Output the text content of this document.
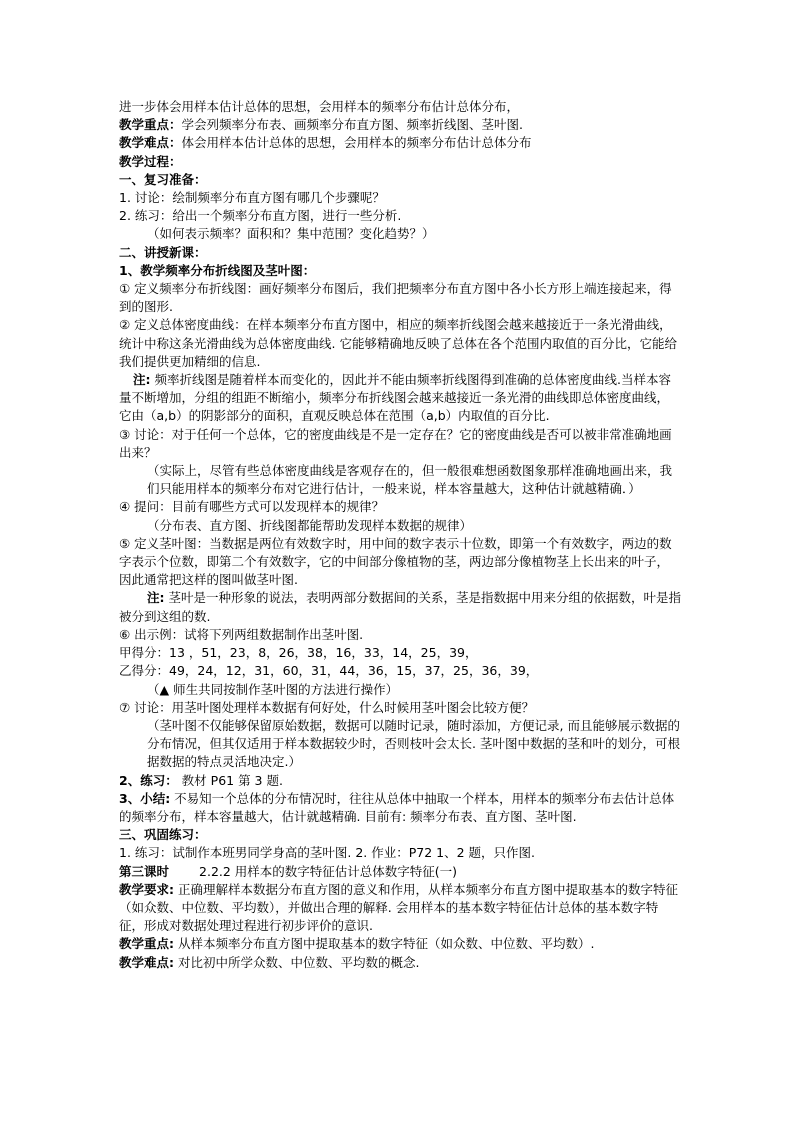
进一步体会用样本估计总体的思想，会用样本的频率分布估计总体分布，

教学重点：学会列频率分布表、画频率分布直方图、频率折线图、茎叶图.

教学难点：体会用样本估计总体的思想，会用样本的频率分布估计总体分布

教学过程：

一、复习准备：

1. 讨论：绘制频率分布直方图有哪几个步骤呢？

2. 练习：给出一个频率分布直方图，进行一些分析.

（如何表示频率？面积和？集中范围？变化趋势？）

二、讲授新课：

1、教学频率分布折线图及茎叶图：

① 定义频率分布折线图：画好频率分布图后，我们把频率分布直方图中各小长方形上端连接起来，得到的图形.

② 定义总体密度曲线：在样本频率分布直方图中，相应的频率折线图会越来越接近于一条光滑曲线，统计中称这条光滑曲线为总体密度曲线. 它能够精确地反映了总体在各个范围内取值的百分比，它能给我们提供更加精细的信息.

注: 频率折线图是随着样本而变化的，因此并不能由频率折线图得到准确的总体密度曲线.当样本容量不断增加，分组的组距不断缩小，频率分布折线图会越来越接近一条光滑的曲线即总体密度曲线，它由（a,b）的阴影部分的面积，直观反映总体在范围（a,b）内取值的百分比.

③ 讨论：对于任何一个总体，它的密度曲线是不是一定存在？它的密度曲线是否可以被非常准确地画出来？

（实际上，尽管有些总体密度曲线是客观存在的，但一般很难想函数图象那样准确地画出来，我们只能用样本的频率分布对它进行估计，一般来说，样本容量越大，这种估计就越精确．）

④ 提问：目前有哪些方式可以发现样本的规律？

（分布表、直方图、折线图都能帮助发现样本数据的规律）

⑤ 定义茎叶图：当数据是两位有效数字时，用中间的数字表示十位数，即第一个有效数字，两边的数字表示个位数，即第二个有效数字，它的中间部分像植物的茎，两边部分像植物茎上长出来的叶子，因此通常把这样的图叫做茎叶图.

注: 茎叶是一种形象的说法，表明两部分数据间的关系，茎是指数据中用来分组的依据数，叶是指被分到这组的数.

⑥ 出示例：试将下列两组数据制作出茎叶图.

甲得分：13 ，51，23，8，26，38，16，33，14，25，39，

乙得分：49，24，12，31，60，31，44，36，15，37，25，36，39，

（▲ 师生共同按制作茎叶图的方法进行操作）

⑦ 讨论：用茎叶图处理样本数据有何好处，什么时候用茎叶图会比较方便？

（茎叶图不仅能够保留原始数据，数据可以随时记录，随时添加，方便记录, 而且能够展示数据的分布情况，但其仅适用于样本数据较少时，否则枝叶会太长. 茎叶图中数据的茎和叶的划分，可根据数据的特点灵活地决定.）

2、练习： 教材 P61 第 3 题.

3、小结: 不易知一个总体的分布情况时，往往从总体中抽取一个样本，用样本的频率分布去估计总体的频率分布，样本容量越大，估计就越精确. 目前有: 频率分布表、直方图、茎叶图.

三、巩固练习：

1. 练习：试制作本班男同学身高的茎叶图. 2. 作业：P72 1、2 题，只作图.

第三课时 2.2.2 用样本的数字特征估计总体数字特征(一)

教学要求: 正确理解样本数据分布直方图的意义和作用，从样本频率分布直方图中提取基本的数字特征（如众数、中位数、平均数），并做出合理的解释. 会用样本的基本数字特征估计总体的基本数字特征，形成对数据处理过程进行初步评价的意识.

教学重点: 从样本频率分布直方图中提取基本的数字特征（如众数、中位数、平均数）.

教学难点: 对比初中所学众数、中位数、平均数的概念.
